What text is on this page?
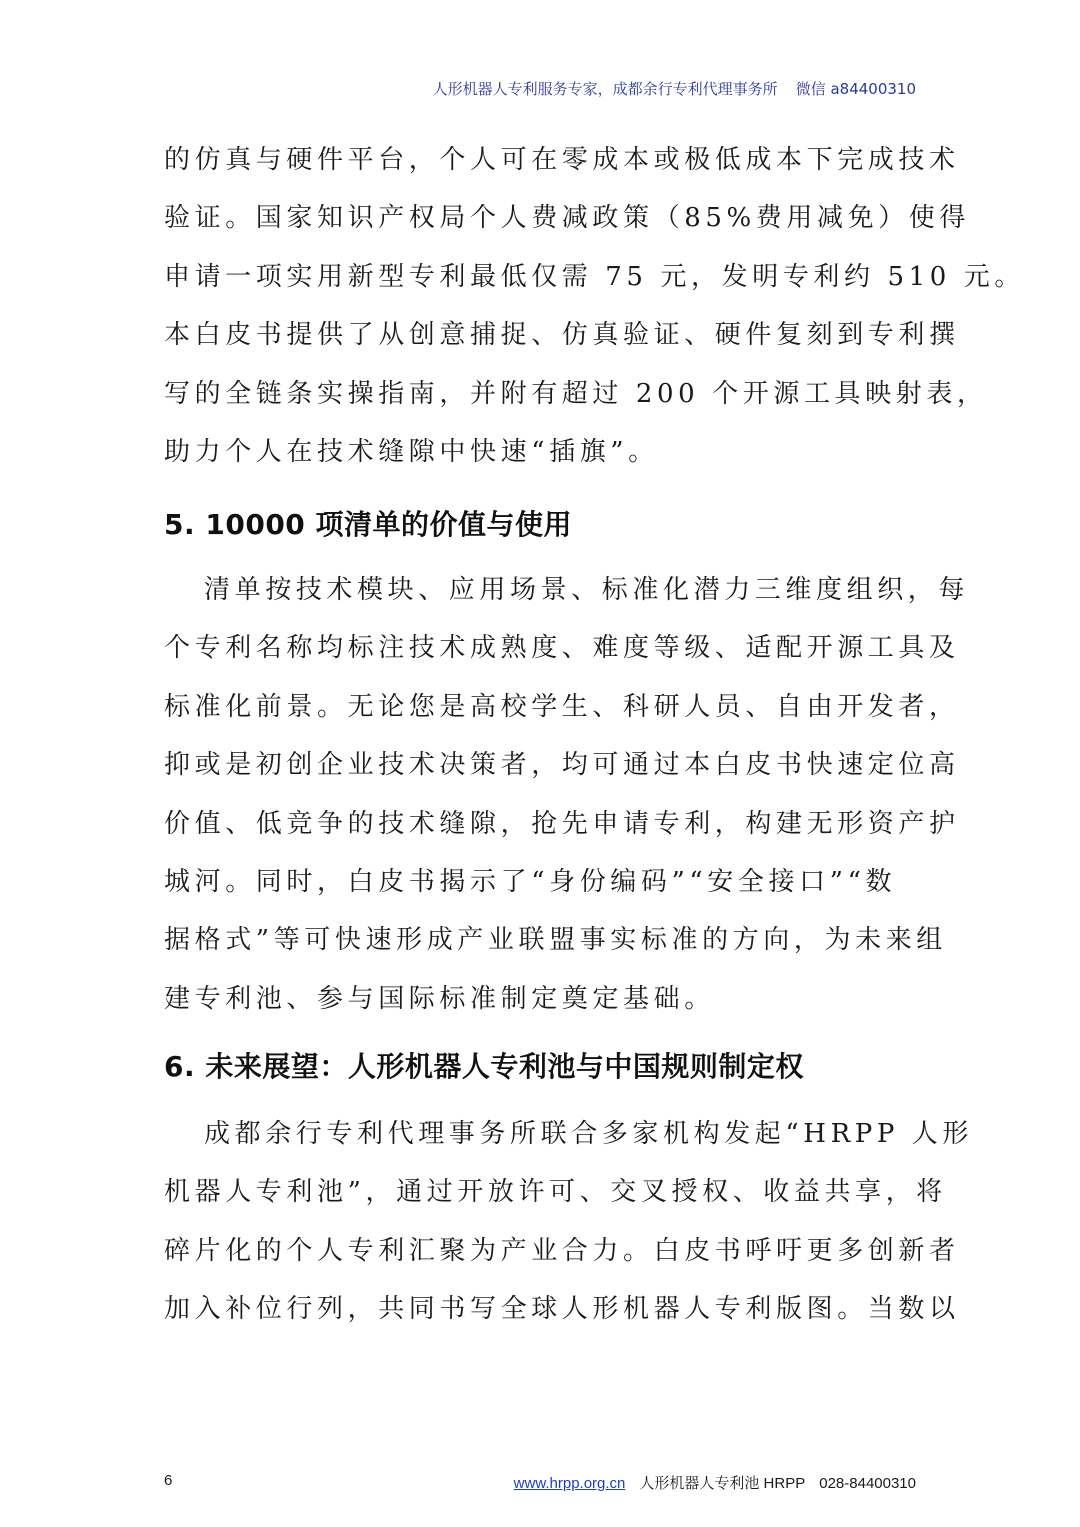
人形机器人专利服务专家，成都余行专利代理事务所 微信 a84400310
的仿真与硬件平台，个人可在零成本或极低成本下完成技术
验证。国家知识产权局个人费减政策（85%费用减免）使得
申请一项实用新型专利最低仅需 75 元，发明专利约 510 元。
本白皮书提供了从创意捕捉、仿真验证、硬件复刻到专利撰
写的全链条实操指南，并附有超过 200 个开源工具映射表，
助力个人在技术缝隙中快速“插旗”。
5. 10000 项清单的价值与使用
清单按技术模块、应用场景、标准化潜力三维度组织，每
个专利名称均标注技术成熟度、难度等级、适配开源工具及
标准化前景。无论您是高校学生、科研人员、自由开发者，
抑或是初创企业技术决策者，均可通过本白皮书快速定位高
价值、低竞争的技术缝隙，抢先申请专利，构建无形资产护
城河。同时，白皮书揭示了“身份编码”“安全接口”“数
据格式”等可快速形成产业联盟事实标准的方向，为未来组
建专利池、参与国际标准制定奠定基础。
6. 未来展望：人形机器人专利池与中国规则制定权
成都余行专利代理事务所联合多家机构发起“HRPP 人形
机器人专利池”，通过开放许可、交叉授权、收益共享，将
碎片化的个人专利汇聚为产业合力。白皮书呼吁更多创新者
加入补位行列，共同书写全球人形机器人专利版图。当数以
6	www.hrpp.org.cn 人形机器人专利池 HRPP 028-84400310
